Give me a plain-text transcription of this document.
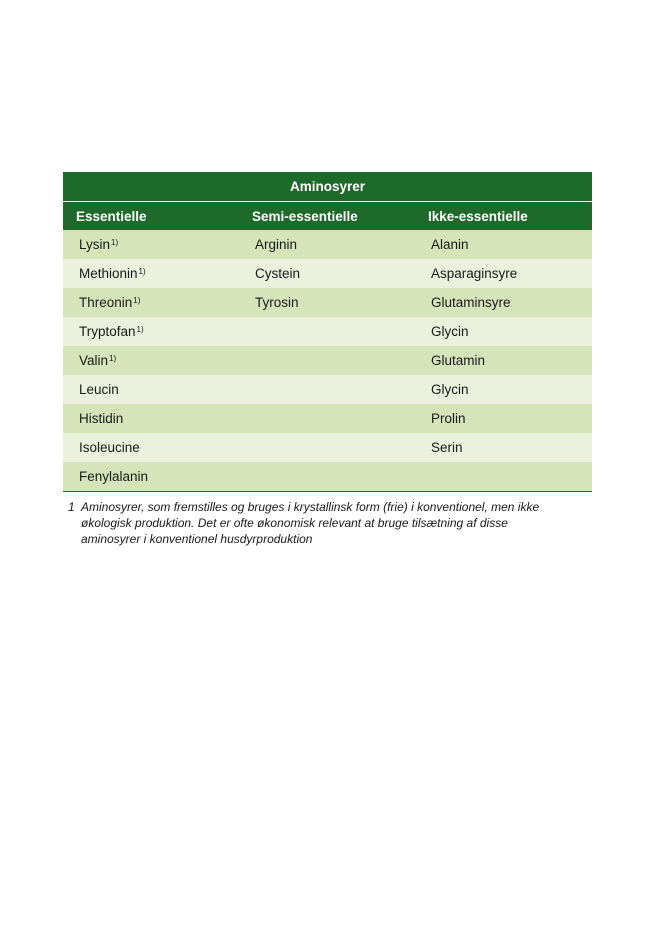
Aminosyrer		
Essentielle	Semi-essentielle	Ikke-essentielle
Lysin$^{1)}$	Arginin	Alanin
Methionin$^{1)}$	Cystein	Asparaginsyre
Threonin$^{1)}$	Tyrosin	Glutaminsyre
Tryptofan$^{1)}$		Glycin
Valin$^{1)}$		Glutamin
Leucin		Glycin
Histidin		Prolin
Isoleucine		Serin
Fenylalanin		
1 Aminosyrer, som fremstilles og bruges i krystallinsk form (frie) i konventionel, men ikke økologisk produktion. Det er ofte økonomisk relevant at bruge tilsætning af disse aminosyrer i konventionel husdyrproduktion
